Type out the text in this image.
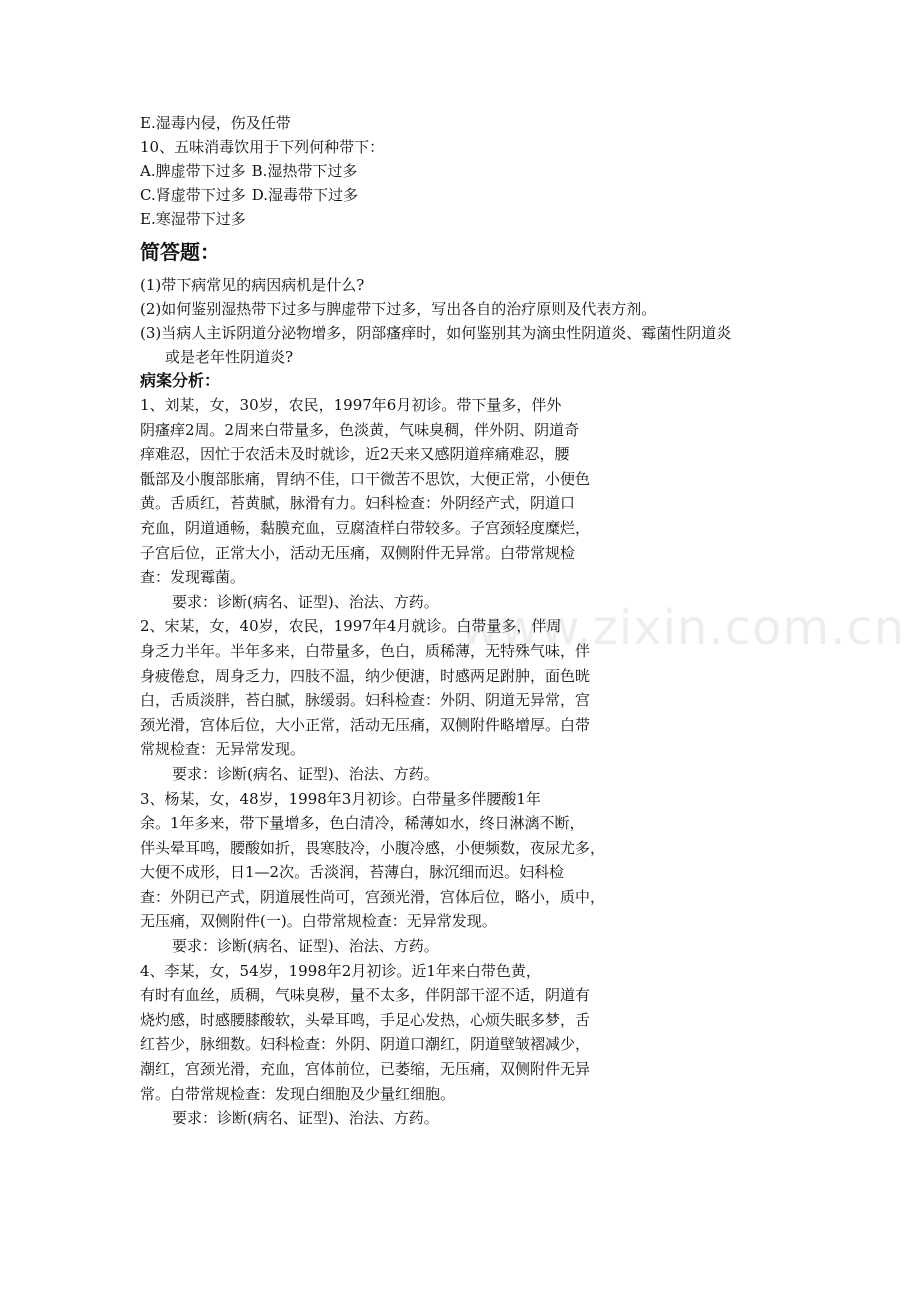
www.zixin.com.cn
E.湿毒内侵，伤及任带
10、五味消毒饮用于下列何种带下：
A.脾虚带下过多 B.湿热带下过多
C.肾虚带下过多 D.湿毒带下过多
E.寒湿带下过多
简答题：
(1)带下病常见的病因病机是什么?
(2)如何鉴别湿热带下过多与脾虚带下过多，写出各自的治疗原则及代表方剂。
(3)当病人主诉阴道分泌物增多，阴部瘙痒时，如何鉴别其为滴虫性阴道炎、霉菌性阴道炎
或是老年性阴道炎?
病案分析：
1、刘某，女，30岁，农民，1997年6月初诊。带下量多，伴外
阴瘙痒2周。2周来白带量多，色淡黄，气味臭稠，伴外阴、阴道奇
痒难忍，因忙于农活未及时就诊，近2天来又感阴道痒痛难忍，腰
骶部及小腹部胀痛，胃纳不佳，口干微苦不思饮，大便正常，小便色
黄。舌质红，苔黄腻，脉滑有力。妇科检查：外阴经产式，阴道口
充血，阴道通畅，黏膜充血，豆腐渣样白带较多。子宫颈轻度糜烂，
子宫后位，正常大小，活动无压痛，双侧附件无异常。白带常规检
查：发现霉菌。
要求：诊断(病名、证型)、治法、方药。
2、宋某，女，40岁，农民，1997年4月就诊。白带量多，伴周
身乏力半年。半年多来，白带量多，色白，质稀薄，无特殊气味，伴
身疲倦怠，周身乏力，四肢不温，纳少便溏，时感两足跗肿，面色晄
白，舌质淡胖，苔白腻，脉缓弱。妇科检查：外阴、阴道无异常，宫
颈光滑，宫体后位，大小正常，活动无压痛，双侧附件略增厚。白带
常规检查：无异常发现。
要求：诊断(病名、证型)、治法、方药。
3、杨某，女，48岁，1998年3月初诊。白带量多伴腰酸1年
余。1年多来，带下量增多，色白清冷，稀薄如水，终日淋漓不断，
伴头晕耳鸣，腰酸如折，畏寒肢冷，小腹冷感，小便频数，夜尿尤多，
大便不成形，日1—2次。舌淡润，苔薄白，脉沉细而迟。妇科检
查：外阴已产式，阴道展性尚可，宫颈光滑，宫体后位，略小，质中，
无压痛，双侧附件(一)。白带常规检查：无异常发现。
要求：诊断(病名、证型)、治法、方药。
4、李某，女，54岁，1998年2月初诊。近1年来白带色黄，
有时有血丝，质稠，气味臭秽，量不太多，伴阴部干涩不适，阴道有
烧灼感，时感腰膝酸软，头晕耳鸣，手足心发热，心烦失眠多梦，舌
红苔少，脉细数。妇科检查：外阴、阴道口潮红，阴道壁皱褶减少，
潮红，宫颈光滑，充血，宫体前位，已萎缩，无压痛，双侧附件无异
常。白带常规检查：发现白细胞及少量红细胞。
要求：诊断(病名、证型)、治法、方药。
